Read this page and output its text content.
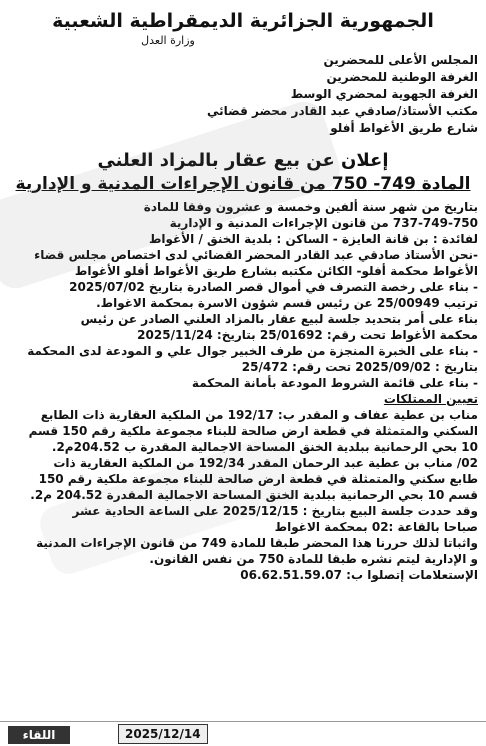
الجمهورية الجزائرية الديمقراطية الشعبية
وزارة العدل
المجلس الأعلى للمحضرين
الغرفة الوطنية للمحضرين
الغرفة الجهوية لمحضري الوسط
مكتب الأستاذ/صادقي عبد القادر محضر قضائي
شارع طريق الأغواط أفلو
إعلان عن بيع عقار بالمزاد العلني
المادة 749- 750 من قانون الإجراءات المدنية و الإدارية
بتاريخ من شهر سنة ألفين وخمسة و عشرون وفقا للمادة
737-749-750 من قانون الإجراءات المدنية و الإدارية
لفائدة : بن قانة العايزة - الساكن : بلدية الخنق / الأغواط
-نحن الأستاذ صادقي عبد القادر المحضر القضائي لدى اختصاص مجلس قضاء
الأغواط محكمة أفلو- الكائن مكتبه بشارع طريق الأغواط أفلو الأغواط
- بناء على رخصة التصرف في أموال قصر الصادرة بتاريخ 2025/07/02
ترتيب 25/00949 عن رئيس قسم شؤون الاسرة بمحكمة الاغواط.
بناء على أمر بتحديد جلسة لبيع عقار بالمزاد العلني الصادر عن رئيس
محكمة الأغواط تحت رقم: 25/01692 بتاريخ: 2025/11/24
- بناء على الخبرة المنجزة من طرف الخبير جوال علي و المودعة لدى المحكمة
بتاريخ : 2025/09/02 تحت رقم: 25/472
- بناء على قائمة الشروط المودعة بأمانة المحكمة
تعيين الممتلكات
مناب بن عطية عفاف و المقدر ب: 192/17 من الملكية العقارية ذات الطابع
السكني والمتمثلة في قطعة ارض صالحة للبناء مجموعة ملكية رقم 150 قسم
10 بحي الرحمانية ببلدية الخنق المساحة الاجمالية المقدرة ب 204.52م2.
02/ مناب بن عطية عبد الرحمان المقدر 192/34 من الملكية العقارية ذات
طابع سكني والمتمثلة في قطعة ارض صالحة للبناء مجموعة ملكية رقم 150
قسم 10 بحي الرحمانية ببلدية الخنق المساحة الاجمالية المقدرة 204.52 م2.
وقد حددت جلسة البيع بتاريخ : 2025/12/15 على الساعة الحادية عشر
صباحا بالقاعة :02 بمحكمة الاغواط
واثباتا لذلك حررنا هذا المحضر طبقا للمادة 749 من قانون الإجراءات المدنية
و الإدارية ليتم نشره طبقا للمادة 750 من نفس القانون.
الإستعلامات إتصلوا ب: 06.62.51.59.07
2025/12/14
اللقاء
